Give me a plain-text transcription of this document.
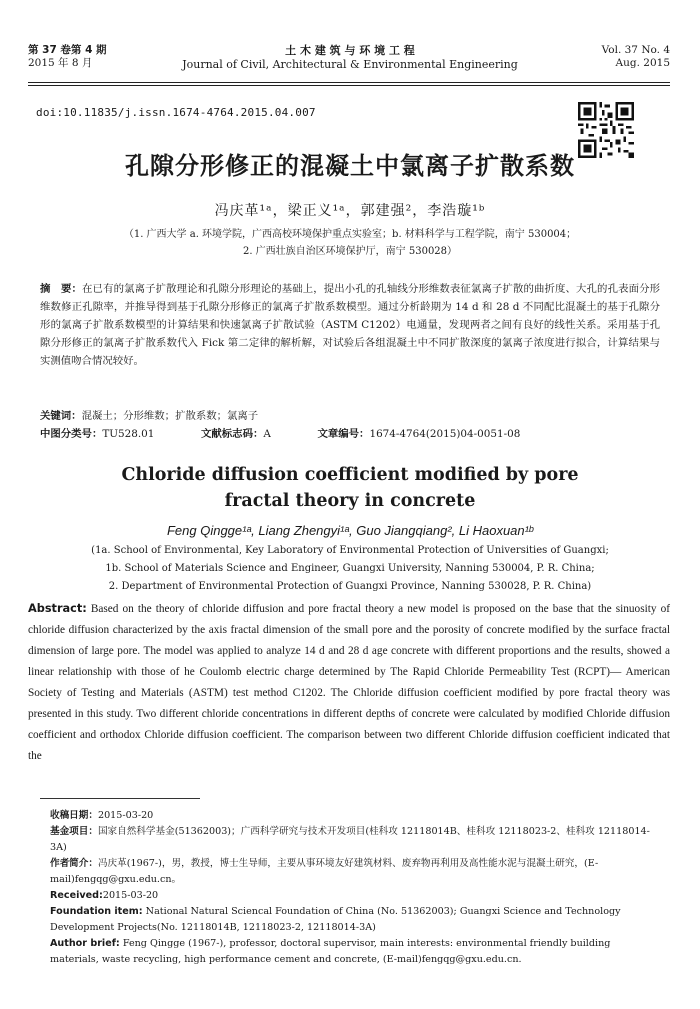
第 37 卷第 4 期
2015 年 8 月
土 木 建 筑 与 环 境 工 程
Journal of Civil, Architectural & Environmental Engineering
Vol. 37 No. 4
Aug. 2015
doi:10.11835/j.issn.1674-4764.2015.04.007
孔隙分形修正的混凝土中氯离子扩散系数
冯庆革¹ᵃ，梁正义¹ᵃ，郭建强²，李浩璇¹ᵇ
（1. 广西大学 a. 环境学院，广西高校环境保护重点实验室；b. 材料科学与工程学院，南宁 530004；
2. 广西壮族自治区环境保护厅，南宁 530028）
摘　要：在已有的氯离子扩散理论和孔隙分形理论的基础上，提出小孔的孔轴线分形维数表征氯离子扩散的曲折度、大孔的孔表面分形维数修正孔隙率，并推导得到基于孔隙分形修正的氯离子扩散系数模型。通过分析龄期为 14 d 和 28 d 不同配比混凝土的基于孔隙分形的氯离子扩散系数模型的计算结果和快速氯离子扩散试验（ASTM C1202）电通量，发现两者之间有良好的线性关系。采用基于孔隙分形修正的氯离子扩散系数代入 Fick 第二定律的解析解，对试验后各组混凝土中不同扩散深度的氯离子浓度进行拟合，计算结果与实测值吻合情况较好。
关键词：混凝土；分形维数；扩散系数；氯离子
中图分类号：TU528.01	文献标志码：A	文章编号：1674-4764(2015)04-0051-08
Chloride diffusion coefficient modified by pore
fractal theory in concrete
Feng Qingge¹ᵃ, Liang Zhengyi¹ᵃ, Guo Jiangqiang², Li Haoxuan¹ᵇ
(1a. School of Environmental, Key Laboratory of Environmental Protection of Universities of Guangxi;
1b. School of Materials Science and Engineer, Guangxi University, Nanning 530004, P. R. China;
2. Department of Environmental Protection of Guangxi Province, Nanning 530028, P. R. China)
Abstract: Based on the theory of chloride diffusion and pore fractal theory a new model is proposed on the base that the sinuosity of chloride diffusion characterized by the axis fractal dimension of the small pore and the porosity of concrete modified by the surface fractal dimension of large pore. The model was applied to analyze 14 d and 28 d age concrete with different proportions and the results, showed a linear relationship with those of he Coulomb electric charge determined by The Rapid Chloride Permeability Test (RCPT)— American Society of Testing and Materials (ASTM) test method C1202. The Chloride diffusion coefficient modified by pore fractal theory was presented in this study. Two different chloride concentrations in different depths of concrete were calculated by modified Chloride diffusion coefficient and orthodox Chloride diffusion coefficient. The comparison between two different Chloride diffusion coefficient indicated that the
收稿日期：2015-03-20
基金项目：国家自然科学基金(51362003)；广西科学研究与技术开发项目(桂科攻 12118014B、桂科攻 12118023-2、桂科攻 12118014-3A)
作者简介：冯庆革(1967-)，男，教授，博士生导师，主要从事环境友好建筑材料、废弃物再利用及高性能水泥与混凝土研究，(E-mail)fengqg@gxu.edu.cn。
Received:2015-03-20
Foundation item: National Natural Sciencal Foundation of China (No. 51362003); Guangxi Science and Technology Development Projects(No. 12118014B, 12118023-2, 12118014-3A)
Author brief: Feng Qingge (1967-), professor, doctoral supervisor, main interests: environmental friendly building materials, waste recycling, high performance cement and concrete, (E-mail)fengqg@gxu.edu.cn.
